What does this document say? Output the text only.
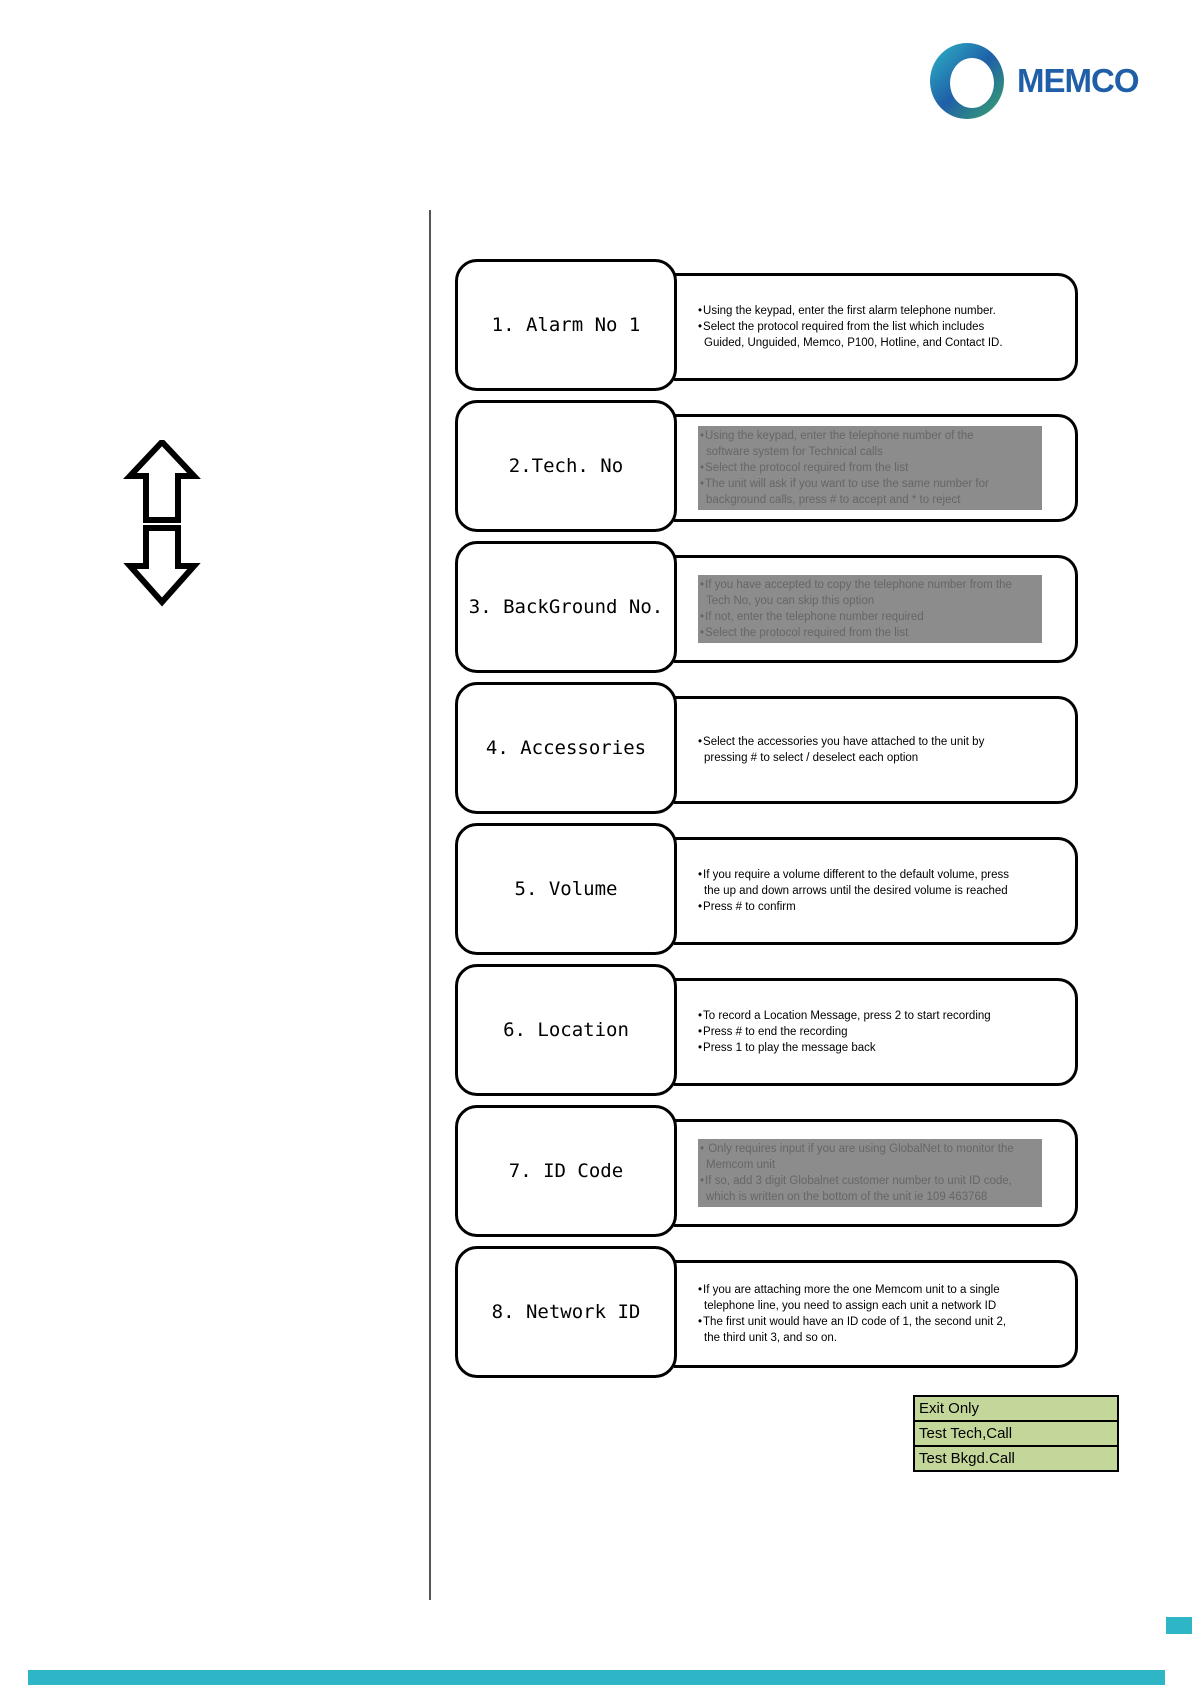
MEMCO
1. Alarm No 1
• Using the keypad, enter the first alarm telephone number.
• Select the protocol required from the list which includes
Guided, Unguided, Memco, P100, Hotline, and Contact ID.
2.Tech. No
• Using the keypad, enter the telephone number of the
software system for Technical calls
• Select the protocol required from the list
• The unit will ask if you want to use the same number for
background calls, press # to accept and * to reject
3. BackGround No.
• If you have accepted to copy the telephone number from the
Tech No, you can skip this option
• If not, enter the telephone number required
• Select the protocol required from the list
4. Accessories
•	Select the accessories you have attached to the unit by
pressing # to select / deselect each option
5. Volume
• If you require a volume different to the default volume, press
the up and down arrows until the desired volume is reached
• Press # to confirm
6. Location
• To record a Location Message, press 2 to start recording
• Press # to end the recording
• Press 1 to play the message back
7. ID Code
• Only requires input if you are using GlobalNet to monitor the
Memcom unit
• If so, add 3 digit Globalnet customer number to unit ID code,
which is written on the bottom of the unit ie 109 463768
8. Network ID
• If you are attaching more the one Memcom unit to a single
telephone line, you need to assign each unit a network ID
• The first unit would have an ID code of 1, the second unit 2,
the third unit 3, and so on.
Exit Only
Test Tech,Call
Test Bkgd.Call
